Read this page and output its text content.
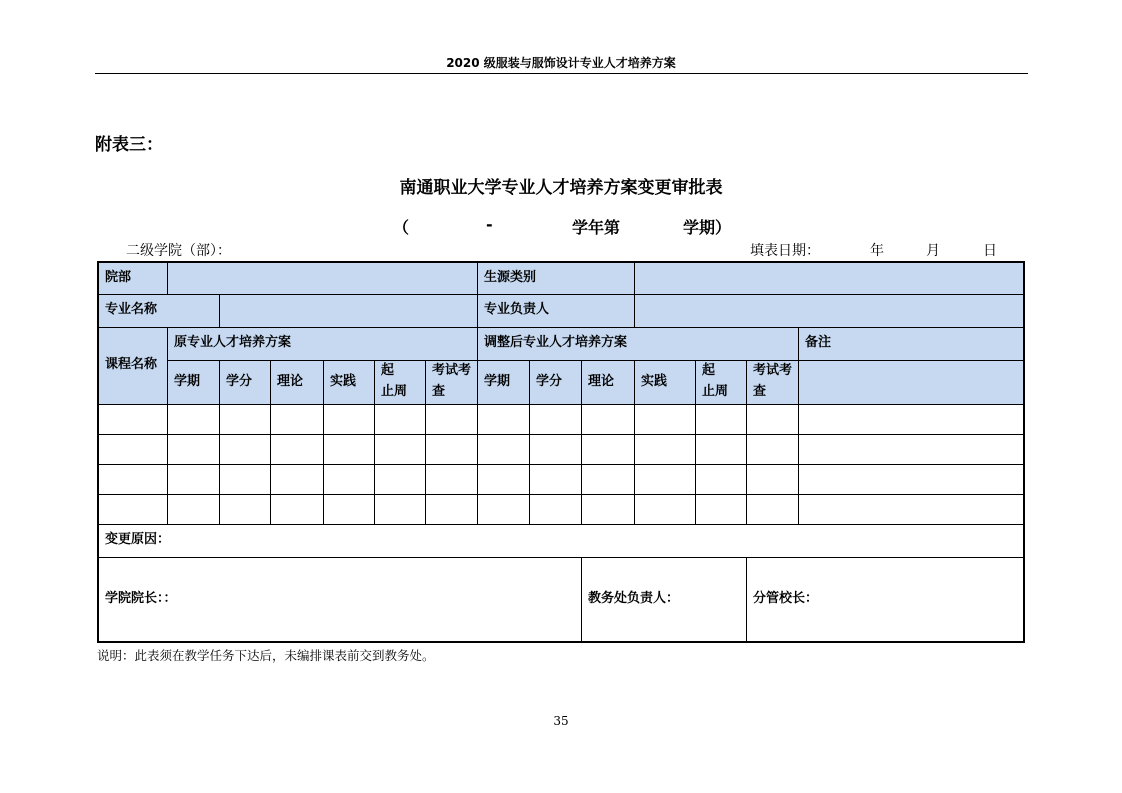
2020 级服装与服饰设计专业人才培养方案
附表三：
南通职业大学专业人才培养方案变更审批表
（	-	学年第	学期）
二级学院（部）：	填表日期：	年	月	日
院部							生源类别						
专业名称							专业负责人						
课程名称	原专业人才培养方案						调整后专业人才培养方案						备注
	学期	学分	理论	实践	起　止周	考试考查	学期	学分	理论	实践	起　止周	考试考查	

变更原因：													
学院院长：：									教务处负责人：			分管校长：	
说明：此表须在教学任务下达后，未编排课表前交到教务处。
35
